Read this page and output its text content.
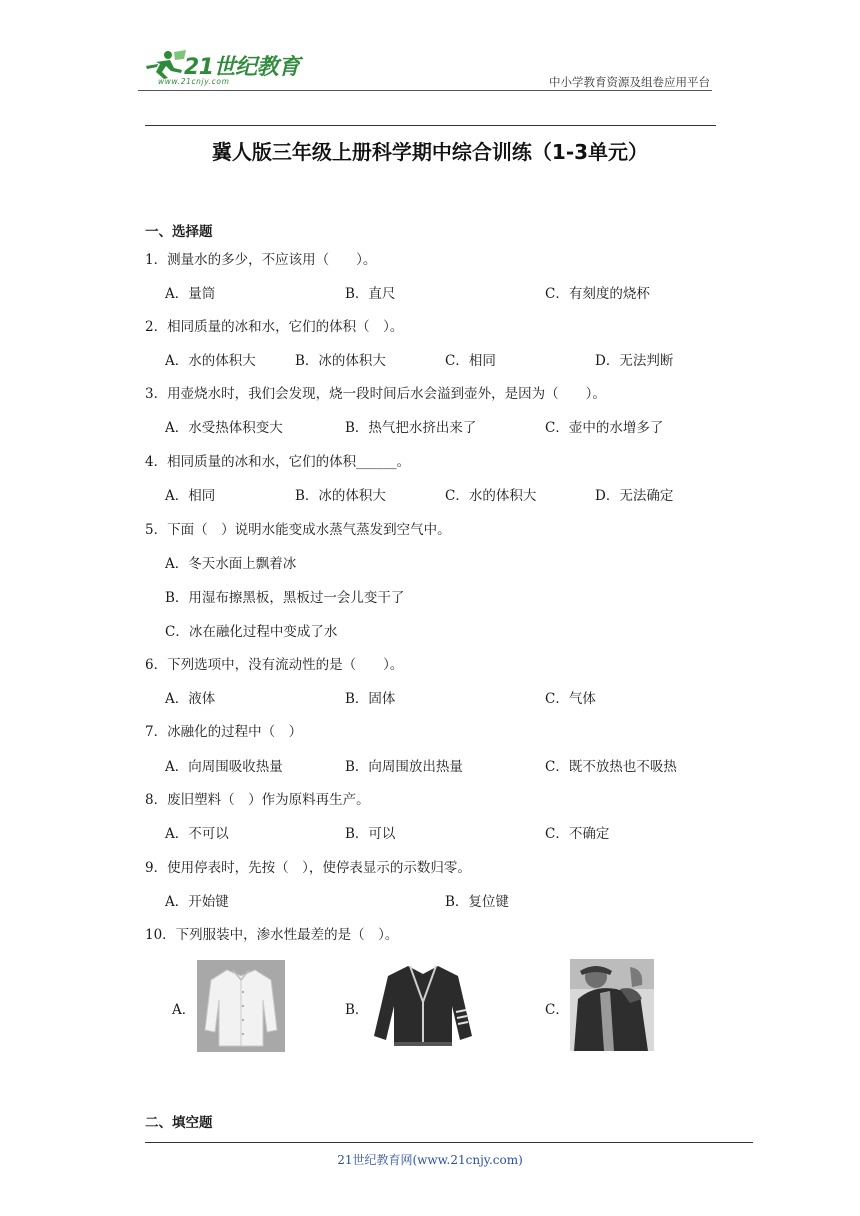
21世纪教育
www.21cnjy.com	中小学教育资源及组卷应用平台
冀人版三年级上册科学期中综合训练（1-3单元）
一、选择题
1．测量水的多少，不应该用（　　）。
A．量筒	B．直尺	C．有刻度的烧杯
2．相同质量的冰和水，它们的体积（　）。
A．水的体积大	B．冰的体积大	C．相同	D．无法判断
3．用壶烧水时，我们会发现，烧一段时间后水会溢到壶外，是因为（　　）。
A．水受热体积变大	B．热气把水挤出来了	C．壶中的水增多了
4．相同质量的冰和水，它们的体积______。
A．相同	B．冰的体积大	C．水的体积大	D．无法确定
5．下面（　）说明水能变成水蒸气蒸发到空气中。
A．冬天水面上飘着冰
B．用湿布擦黑板，黑板过一会儿变干了
C．冰在融化过程中变成了水
6．下列选项中，没有流动性的是（　　）。
A．液体	B．固体	C．气体
7．冰融化的过程中（　）
A．向周围吸收热量	B．向周围放出热量	C．既不放热也不吸热
8．废旧塑料（　）作为原料再生产。
A．不可以	B．可以	C．不确定
9．使用停表时，先按（　），使停表显示的示数归零。
A．开始键	B．复位键
10．下列服装中，渗水性最差的是（　）。
A．	B．	C．
二、填空题
21世纪教育网(www.21cnjy.com)
